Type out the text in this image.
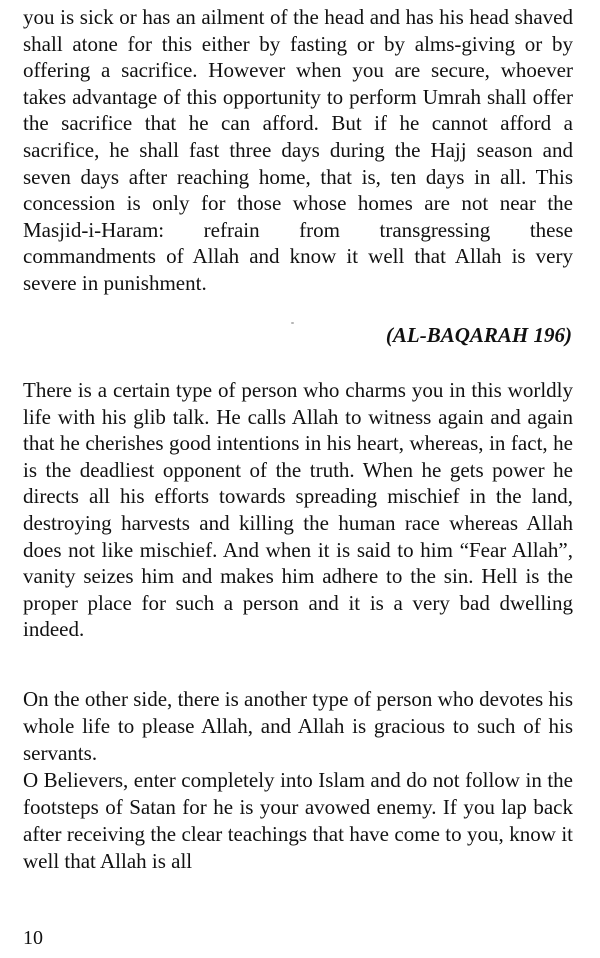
you is sick or has an ailment of the head and has his head shaved shall atone for this either by fasting or by alms-giving or by offering a sacrifice. However when you are secure, whoever takes advantage of this opportunity to perform Umrah shall offer the sacrifice that he can afford. But if he cannot afford a sacrifice, he shall fast three days during the Hajj season and seven days after reaching home, that is, ten days in all. This concession is only for those whose homes are not near the Masjid-i-Haram: refrain from transgressing these commandments of Allah and know it well that Allah is very severe in punishment.

(AL-BAQARAH 196)

There is a certain type of person who charms you in this worldly life with his glib talk. He calls Allah to witness again and again that he cherishes good intentions in his heart, whereas, in fact, he is the deadliest opponent of the truth. When he gets power he directs all his efforts towards spreading mischief in the land, destroying harvests and killing the human race whereas Allah does not like mischief. And when it is said to him “Fear Allah”, vanity seizes him and makes him adhere to the sin. Hell is the proper place for such a person and it is a very bad dwelling indeed.

On the other side, there is another type of person who devotes his whole life to please Allah, and Allah is gracious to such of his servants.
O Believers, enter completely into Islam and do not follow in the footsteps of Satan for he is your avowed enemy. If you lap back after receiving the clear teachings that have come to you, know it well that Allah is all

10
